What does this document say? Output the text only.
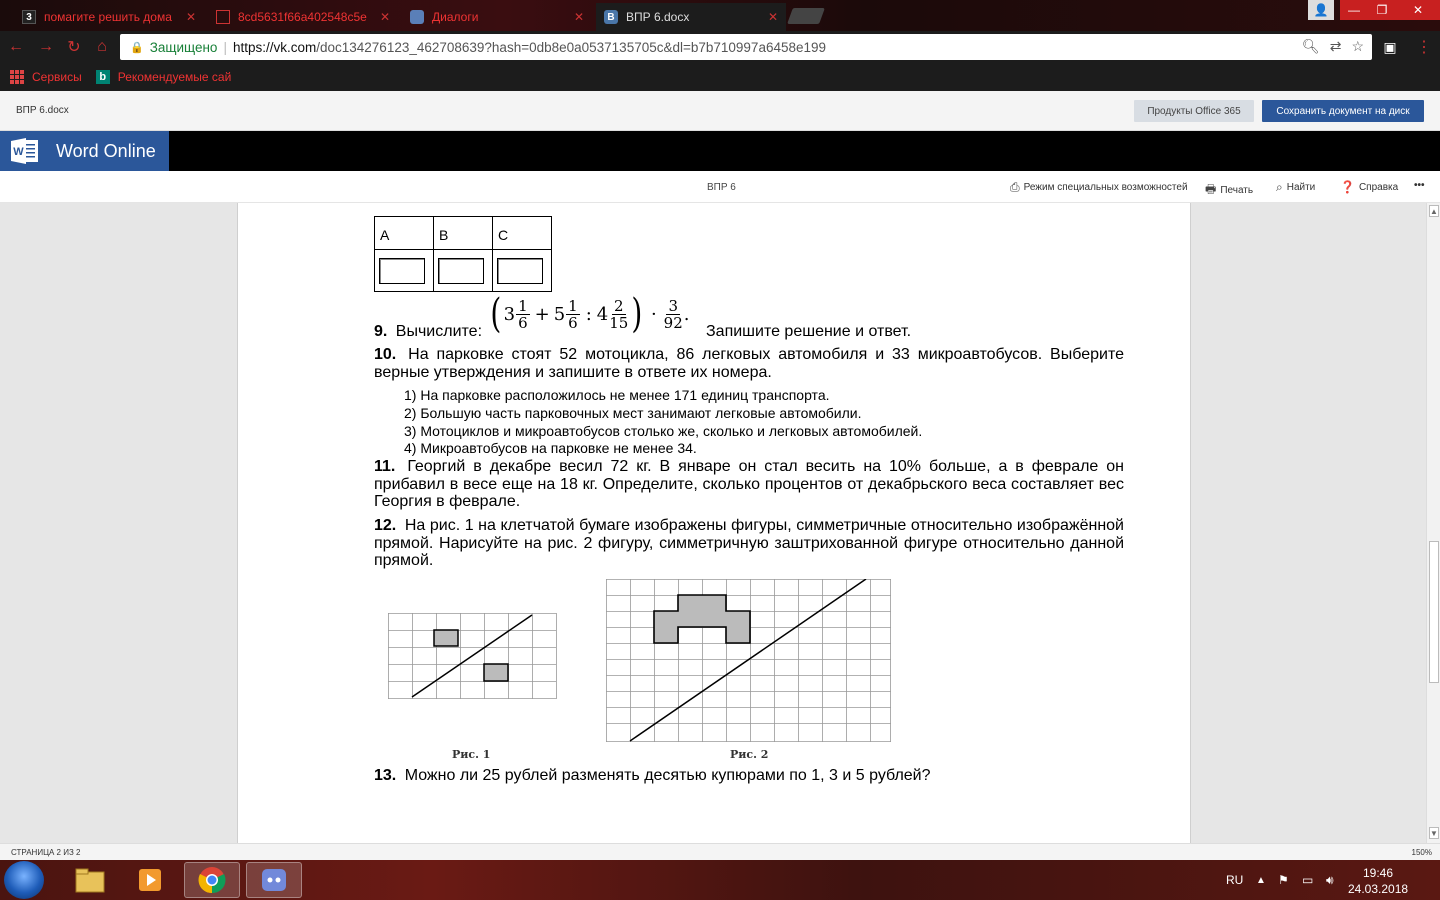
3	помагите решить дома	✕	8cd5631f66a402548c5e	✕	Диалоги	✕	B ВПР 6.docx	✕	👤	—	❐	✕
← → ↻	⌂	🔒 Защищено | https://vk.com/doc134276123_462708639?hash=0db8e0a0537135705c&dl=b7b710997a6458e199	🔍︎ ⇄ ☆ ▣ ⋮
Сервисы	b Рекомендуемые сай
ВПР 6.docx	Продукты Office 365	Сохранить документ на диск
W Word Online
ВПР 6	⎙ Режим специальных возможностей 🖶 Печать ⌕ Найти ❓ Справка •••
A	B	C

9. Вычислите: ( $3 \frac{1}{6} + 5 \frac{1}{6}$ : $4 \frac{2}{15}$ ) · $\frac{3}{92}$ .
Запишите решение и ответ.
10. На парковке стоят 52 мотоцикла, 86 легковых автомобиля и 33 микроавтобусов. Выберите верные утверждения и запишите в ответе их номера.
1) На парковке расположилось не менее 171 единиц транспорта.
2) Большую часть парковочных мест занимают легковые автомобили.
3) Мотоциклов и микроавтобусов столько же, сколько и легковых автомобилей.
4) Микроавтобусов на парковке не менее 34.
11. Георгий в декабре весил 72 кг. В январе он стал весить на 10% больше, а в феврале он прибавил в весе еще на 18 кг. Определите, сколько процентов от декабрьского веса составляет вес Георгия в феврале.
12. На рис. 1 на клетчатой бумаге изображены фигуры, симметричные относительно изображённой прямой. Нарисуйте на рис. 2 фигуру, симметричную заштрихованной фигуре относительно данной прямой.
Рис. 1	Рис. 2
13. Можно ли 25 рублей разменять десятью купюрами по 1, 3 и 5 рублей?
▲
▼
СТРАНИЦА 2 ИЗ 2	150%
RU ▲ ⚑ ▭ 🔊︎	19:46
24.03.2018
